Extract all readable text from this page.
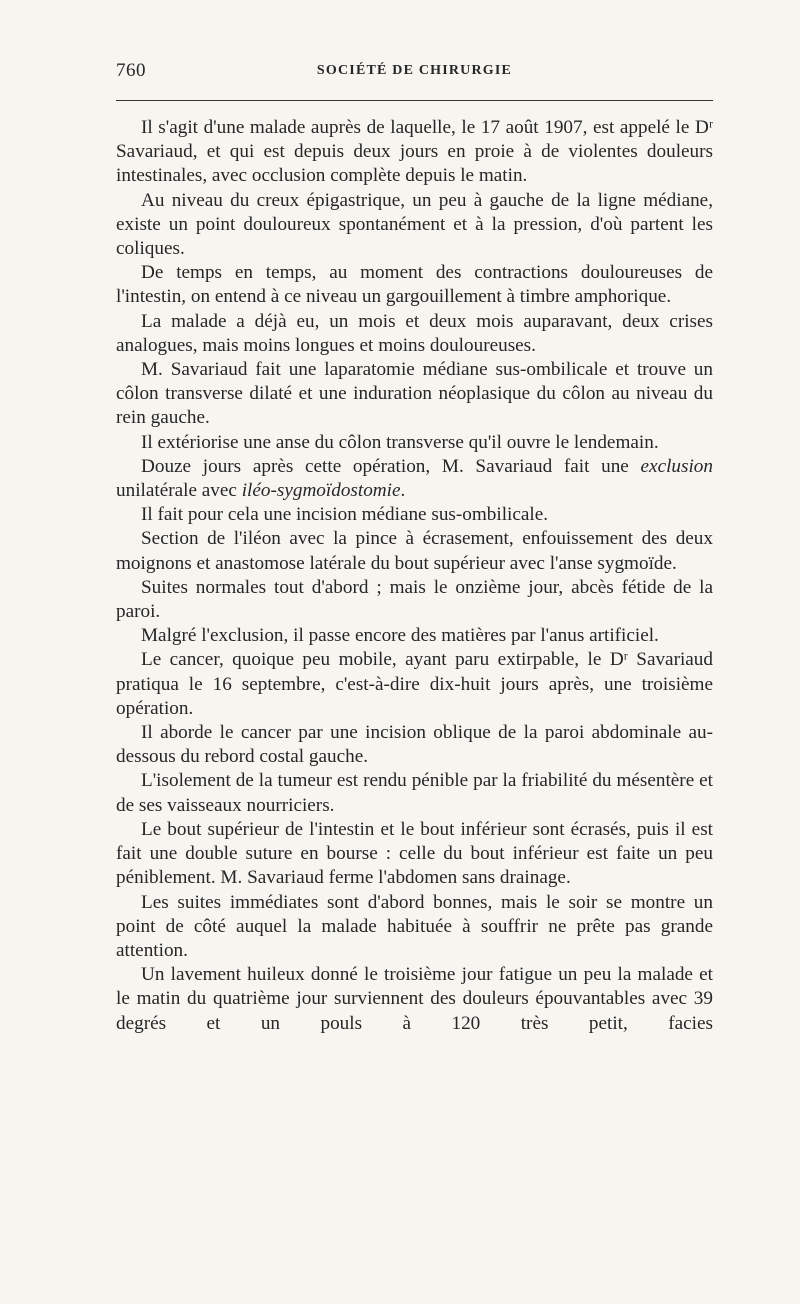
760	SOCIÉTÉ DE CHIRURGIE

Il s'agit d'une malade auprès de laquelle, le 17 août 1907, est appelé le Dʳ Savariaud, et qui est depuis deux jours en proie à de violentes douleurs intestinales, avec occlusion complète depuis le matin.

Au niveau du creux épigastrique, un peu à gauche de la ligne médiane, existe un point douloureux spontanément et à la pression, d'où partent les coliques.

De temps en temps, au moment des contractions douloureuses de l'intestin, on entend à ce niveau un gargouillement à timbre amphorique.

La malade a déjà eu, un mois et deux mois auparavant, deux crises analogues, mais moins longues et moins douloureuses.

M. Savariaud fait une laparatomie médiane sus-ombilicale et trouve un côlon transverse dilaté et une induration néoplasique du côlon au niveau du rein gauche.

Il extériorise une anse du côlon transverse qu'il ouvre le lendemain.

Douze jours après cette opération, M. Savariaud fait une exclusion unilatérale avec iléo-sygmoïdostomie.

Il fait pour cela une incision médiane sus-ombilicale.

Section de l'iléon avec la pince à écrasement, enfouissement des deux moignons et anastomose latérale du bout supérieur avec l'anse sygmoïde.

Suites normales tout d'abord ; mais le onzième jour, abcès fétide de la paroi.

Malgré l'exclusion, il passe encore des matières par l'anus artificiel.

Le cancer, quoique peu mobile, ayant paru extirpable, le Dʳ Savariaud pratiqua le 16 septembre, c'est-à-dire dix-huit jours après, une troisième opération.

Il aborde le cancer par une incision oblique de la paroi abdominale au-dessous du rebord costal gauche.

L'isolement de la tumeur est rendu pénible par la friabilité du mésentère et de ses vaisseaux nourriciers.

Le bout supérieur de l'intestin et le bout inférieur sont écrasés, puis il est fait une double suture en bourse : celle du bout inférieur est faite un peu péniblement. M. Savariaud ferme l'abdomen sans drainage.

Les suites immédiates sont d'abord bonnes, mais le soir se montre un point de côté auquel la malade habituée à souffrir ne prête pas grande attention.

Un lavement huileux donné le troisième jour fatigue un peu la malade et le matin du quatrième jour surviennent des douleurs épouvantables avec 39 degrés et un pouls à 120 très petit, facies
